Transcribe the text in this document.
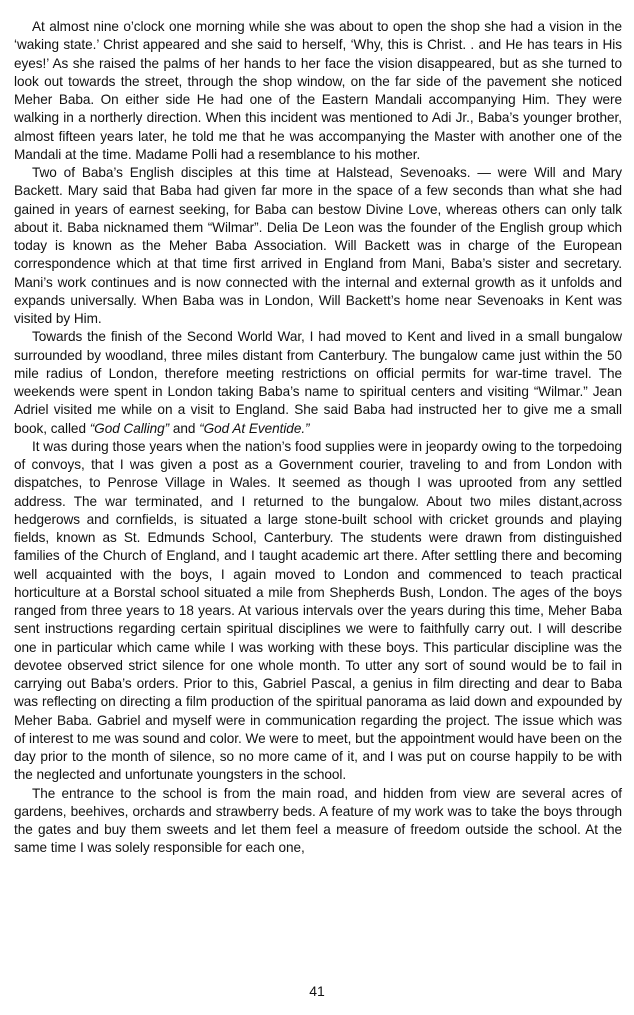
At almost nine o’clock one morning while she was about to open the shop she had a vision in the ‘waking state.’ Christ appeared and she said to herself, ‘Why, this is Christ. . and He has tears in His eyes!’ As she raised the palms of her hands to her face the vision disappeared, but as she turned to look out towards the street, through the shop window, on the far side of the pavement she noticed Meher Baba. On either side He had one of the Eastern Mandali accompanying Him. They were walking in a northerly direction. When this incident was mentioned to Adi Jr., Baba’s younger brother, almost fifteen years later, he told me that he was accompanying the Master with another one of the Mandali at the time. Madame Polli had a resemblance to his mother.

Two of Baba’s English disciples at this time at Halstead, Sevenoaks. — were Will and Mary Backett. Mary said that Baba had given far more in the space of a few seconds than what she had gained in years of earnest seeking, for Baba can bestow Divine Love, whereas others can only talk about it. Baba nicknamed them “Wilmar”. Delia De Leon was the founder of the English group which today is known as the Meher Baba Association. Will Backett was in charge of the European correspondence which at that time first arrived in England from Mani, Baba’s sister and secretary. Mani’s work continues and is now connected with the internal and external growth as it unfolds and expands universally. When Baba was in London, Will Backett’s home near Sevenoaks in Kent was visited by Him.

Towards the finish of the Second World War, I had moved to Kent and lived in a small bungalow surrounded by woodland, three miles distant from Canterbury. The bungalow came just within the 50 mile radius of London, therefore meeting restrictions on official permits for war-time travel. The weekends were spent in London taking Baba’s name to spiritual centers and visiting “Wilmar.” Jean Adriel visited me while on a visit to England. She said Baba had instructed her to give me a small book, called “God Calling” and “God At Eventide.”

It was during those years when the nation’s food supplies were in jeopardy owing to the torpedoing of convoys, that I was given a post as a Government courier, traveling to and from London with dispatches, to Penrose Village in Wales. It seemed as though I was uprooted from any settled address. The war terminated, and I returned to the bungalow. About two miles distant,across hedgerows and cornfields, is situated a large stone-built school with cricket grounds and playing fields, known as St. Edmunds School, Canterbury. The students were drawn from distinguished families of the Church of England, and I taught academic art there. After settling there and becoming well acquainted with the boys, I again moved to London and commenced to teach practical horticulture at a Borstal school situated a mile from Shepherds Bush, London. The ages of the boys ranged from three years to 18 years. At various intervals over the years during this time, Meher Baba sent instructions regarding certain spiritual disciplines we were to faithfully carry out. I will describe one in particular which came while I was working with these boys. This particular discipline was the devotee observed strict silence for one whole month. To utter any sort of sound would be to fail in carrying out Baba’s orders. Prior to this, Gabriel Pascal, a genius in film directing and dear to Baba was reflecting on directing a film production of the spiritual panorama as laid down and expounded by Meher Baba. Gabriel and myself were in communication regarding the project. The issue which was of interest to me was sound and color. We were to meet, but the appointment would have been on the day prior to the month of silence, so no more came of it, and I was put on course happily to be with the neglected and unfortunate youngsters in the school.

The entrance to the school is from the main road, and hidden from view are several acres of gardens, beehives, orchards and strawberry beds. A feature of my work was to take the boys through the gates and buy them sweets and let them feel a measure of freedom outside the school. At the same time I was solely responsible for each one,

41
